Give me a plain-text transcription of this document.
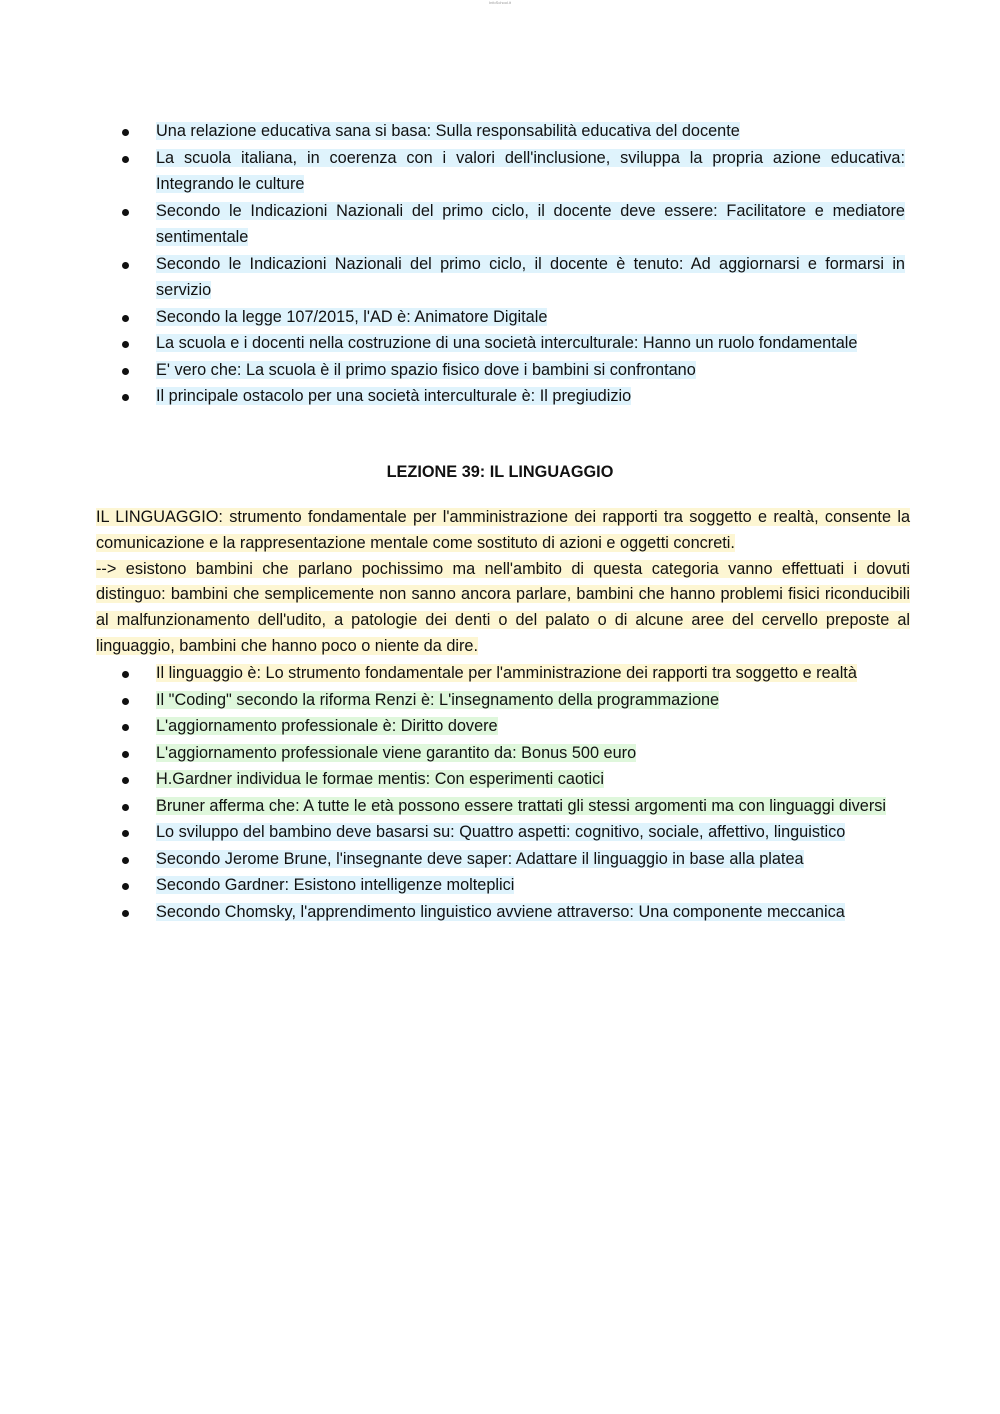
InfoSchool.it
Una relazione educativa sana si basa: Sulla responsabilità educativa del docente
La scuola italiana, in coerenza con i valori dell'inclusione, sviluppa la propria azione educativa: Integrando le culture
Secondo le Indicazioni Nazionali del primo ciclo, il docente deve essere: Facilitatore e mediatore sentimentale
Secondo le Indicazioni Nazionali del primo ciclo, il docente è tenuto: Ad aggiornarsi e formarsi in servizio
Secondo la legge 107/2015, l'AD è: Animatore Digitale
La scuola e i docenti nella costruzione di una società interculturale: Hanno un ruolo fondamentale
E' vero che: La scuola è il primo spazio fisico dove i bambini si confrontano
Il principale ostacolo per una società interculturale è: Il pregiudizio
LEZIONE 39: IL LINGUAGGIO

IL LINGUAGGIO: strumento fondamentale per l'amministrazione dei rapporti tra soggetto e realtà, consente la comunicazione e la rappresentazione mentale come sostituto di azioni e oggetti concreti.

--> esistono bambini che parlano pochissimo ma nell'ambito di questa categoria vanno effettuati i dovuti distinguo: bambini che semplicemente non sanno ancora parlare, bambini che hanno problemi fisici riconducibili al malfunzionamento dell'udito, a patologie dei denti o del palato o di alcune aree del cervello preposte al linguaggio, bambini che hanno poco o niente da dire.

Il linguaggio è: Lo strumento fondamentale per l'amministrazione dei rapporti tra soggetto e realtà
Il "Coding" secondo la riforma Renzi è: L'insegnamento della programmazione
L'aggiornamento professionale è: Diritto dovere
L'aggiornamento professionale viene garantito da: Bonus 500 euro
H.Gardner individua le formae mentis: Con esperimenti caotici
Bruner afferma che: A tutte le età possono essere trattati gli stessi argomenti ma con linguaggi diversi
Lo sviluppo del bambino deve basarsi su: Quattro aspetti: cognitivo, sociale, affettivo, linguistico
Secondo Jerome Brune, l'insegnante deve saper: Adattare il linguaggio in base alla platea
Secondo Gardner: Esistono intelligenze molteplici
Secondo Chomsky, l'apprendimento linguistico avviene attraverso: Una componente meccanica
